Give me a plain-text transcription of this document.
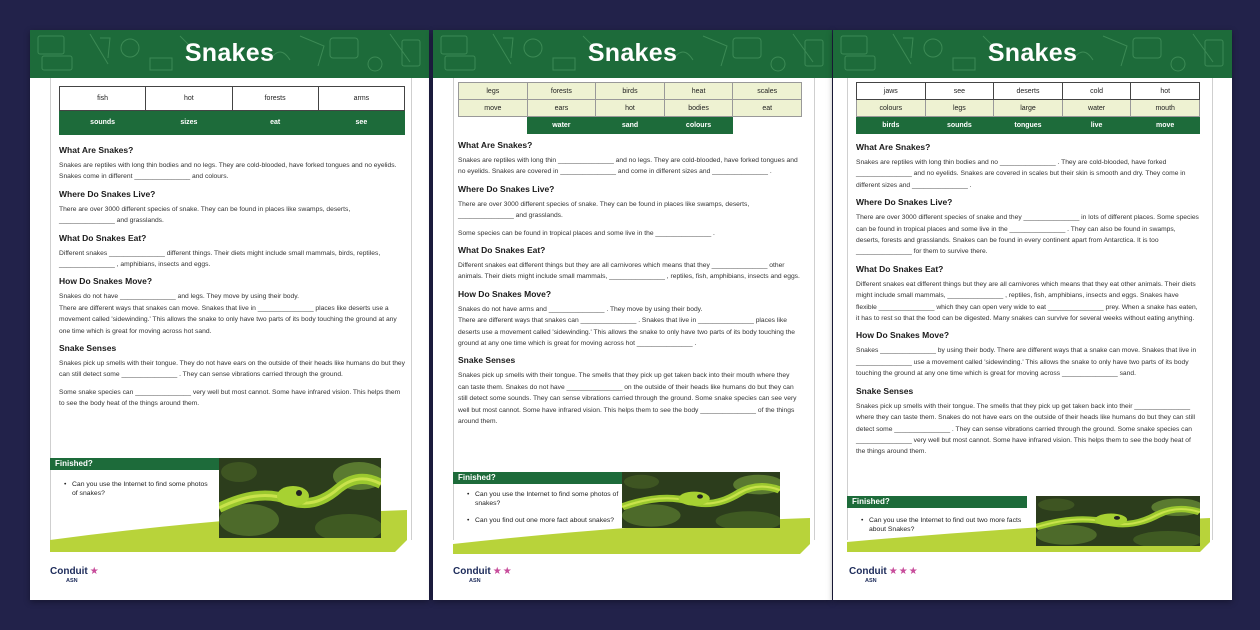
Snakes
fish	hot	forests	arms
sounds	sizes	eat	see
What Are Snakes?
Snakes are reptiles with long thin bodies and no legs. They are cold-blooded, have forked tongues and no eyelids. Snakes come in different _______________ and colours.
Where Do Snakes Live?
There are over 3000 different species of snake. They can be found in places like swamps, deserts, _______________ and grasslands.
What Do Snakes Eat?
Different snakes _______________ different things. Their diets might include small mammals, birds, reptiles, _______________ , amphibians, insects and eggs.
How Do Snakes Move?
Snakes do not have _______________ and legs. They move by using their body.
There are different ways that snakes can move. Snakes that live in _______________ places like deserts use a movement called 'sidewinding.' This allows the snake to only have two parts of its body touching the ground at any one time which is great for moving across hot sand.
Snake Senses
Snakes pick up smells with their tongue. They do not have ears on the outside of their heads like humans do but they can still detect some _______________ . They can sense vibrations carried through the ground.
Some snake species can _______________ very well but most cannot. Some have infrared vision. This helps them to see the body heat of the things around them.
Finished?
• Can you use the Internet to find some photos of snakes?
Conduit ★
ASN
Snakes
legs	forests	birds	heat	scales
move	ears	hot	bodies	eat
	water	sand	colours	
What Are Snakes?
Snakes are reptiles with long thin _______________ and no legs. They are cold-blooded, have forked tongues and no eyelids. Snakes are covered in _______________ and come in different sizes and _______________ .
Where Do Snakes Live?
There are over 3000 different species of snake. They can be found in places like swamps, deserts, _______________ and grasslands.
Some species can be found in tropical places and some live in the _______________ .
What Do Snakes Eat?
Different snakes eat different things but they are all carnivores which means that they _______________ other animals. Their diets might include small mammals, _______________ , reptiles, fish, amphibians, insects and eggs.
How Do Snakes Move?
Snakes do not have arms and _______________ . They move by using their body.
There are different ways that snakes can _______________ . Snakes that live in _______________ places like deserts use a movement called 'sidewinding.' This allows the snake to only have two parts of its body touching the ground at any one time which is great for moving across hot _______________ .
Snake Senses
Snakes pick up smells with their tongue. The smells that they pick up get taken back into their mouth where they can taste them. Snakes do not have _______________ on the outside of their heads like humans do but they can still detect some sounds. They can sense vibrations carried through the ground. Some snake species can see very well but most cannot. Some have infrared vision. This helps them to see the body _______________ of the things around them.
Finished?
• Can you use the Internet to find some photos of snakes?
• Can you find out one more fact about snakes?
Conduit ★★
ASN
Snakes
jaws	see	deserts	cold	hot
colours	legs	large	water	mouth
birds	sounds	tongues	live	move
What Are Snakes?
Snakes are reptiles with long thin bodies and no _______________ . They are cold-blooded, have forked _______________ and no eyelids. Snakes are covered in scales but their skin is smooth and dry. They come in different sizes and _______________ .
Where Do Snakes Live?
There are over 3000 different species of snake and they _______________ in lots of different places. Some species can be found in tropical places and some live in the _______________ . They can also be found in swamps, deserts, forests and grasslands. Snakes can be found in every continent apart from Antarctica. It is too _______________ for them to survive there.
What Do Snakes Eat?
Different snakes eat different things but they are all carnivores which means that they eat other animals. Their diets might include small mammals, _______________ , reptiles, fish, amphibians, insects and eggs. Snakes have flexible _______________ which they can open very wide to eat _______________ prey. When a snake has eaten, it has to rest so that the food can be digested. Many snakes can survive for several weeks without eating anything.
How Do Snakes Move?
Snakes _______________ by using their body. There are different ways that a snake can move. Snakes that live in _______________ use a movement called 'sidewinding.' This allows the snake to only have two parts of its body touching the ground at any one time which is great for moving across _______________ sand.
Snake Senses
Snakes pick up smells with their tongue. The smells that they pick up get taken back into their _______________ where they can taste them. Snakes do not have ears on the outside of their heads like humans do but they can still detect some _______________ . They can sense vibrations carried through the ground. Some snake species can _______________ very well but most cannot. Some have infrared vision. This helps them to see the body heat of the things around them.
Finished?
• Can you use the Internet to find out two more facts about Snakes?
Conduit ★★★
ASN
